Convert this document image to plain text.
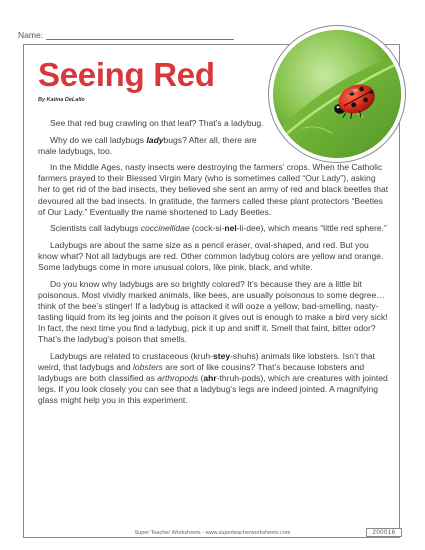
Name:
Seeing Red
By Katina DeLallo

See that red bug crawling on that leaf? That’s a ladybug.

Why do we call ladybugs ladybugs? After all, there are male ladybugs, too.

In the Middle Ages, nasty insects were destroying the farmers’ crops. When the Catholic farmers prayed to their Blessed Virgin Mary (who is sometimes called “Our Lady”), asking her to get rid of the bad insects, they believed she sent an army of red and black beetles that devoured all the bad insects. In gratitude, the farmers called these plant protectors “Beetles of Our Lady.” Eventually the name shortened to Lady Beetles.

Scientists call ladybugs coccinellidae (cock-si-nel-li-dee), which means “little red sphere.”

Ladybugs are about the same size as a pencil eraser, oval-shaped, and red. But you know what? Not all ladybugs are red. Other common ladybug colors are yellow and orange. Some ladybugs come in more unusual colors, like pink, black, and white.

Do you know why ladybugs are so brightly colored? It’s because they are a little bit poisonous. Most vividly marked animals, like bees, are usually poisonous to some degree… think of the bee’s stinger! If a ladybug is attacked it will ooze a yellow, bad-smelling, nasty-tasting liquid from its leg joints and the poison it gives out is enough to make a bird very sick! In fact, the next time you find a ladybug, pick it up and sniff it. Smell that faint, bitter odor? That’s the ladybug’s poison that smells.

Ladybugs are related to crustaceous (kruh-stey-shuhs) animals like lobsters. Isn’t that weird, that ladybugs and lobsters are sort of like cousins? That’s because lobsters and ladybugs are both classified as arthropods (ahr-thruh-pods), which are creatures with jointed legs. If you look closely you can see that a ladybug’s legs are indeed jointed. A magnifying glass might help you in this experiment.

Super Teacher Worksheets - www.superteacherworksheets.com	200016
